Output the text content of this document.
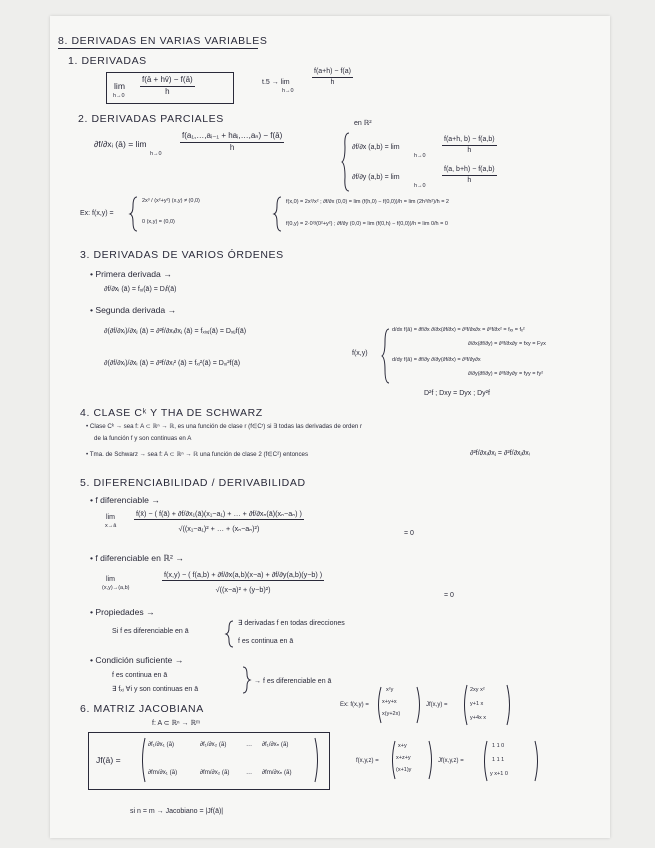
8. DERIVADAS EN VARIAS VARIABLES
1. DERIVADAS
lim
$h\to 0 \frac{f(ā + hv̄) - f(ā)}{h}$	t.5 → lim
h→0
$\frac{f(a+h) - f(a)}{h}$
2. DERIVADAS PARCIALES
∂f/∂xᵢ (ā) = lim
h→0
f(a₁,…,aᵢ₋₁ + haᵢ,…,aₙ) − f(ā)
h
en ℝ²
∂f/∂x (a,b) = lim
h→0
$\frac{f(a+h, b) - f(a,b)}{h}$
∂f/∂y (a,b) = lim
h→0
$\frac{f(a, b+h) - f(a,b)}{h}$
Ex: f(x,y) =
2x³ / (x²+y²) (x,y) ≠ (0,0)
0 (x,y) = (0,0)
f(x,0) = 2x³/x² ; ∂f/∂x (0,0) = lim (f(h,0) − f(0,0))/h = lim (2h³/h²)/h = 2
f(0,y) = 2·0³/(0²+y²) ; ∂f/∂y (0,0) = lim (f(0,h) − f(0,0))/h = lim 0/h = 0
3. DERIVADAS DE VARIOS ÓRDENES
• Primera derivada →
∂f/∂xᵢ (ā) = fₓᵢ(ā) = Dᵢf(ā)
• Segunda derivada →
∂(∂f/∂xᵢ)/∂xⱼ (ā) = ∂²f/∂xᵢ∂xⱼ (ā) = fₓᵢₓⱼ(ā) = Dₓᵢⱼf(ā)
∂(∂f/∂xᵢ)/∂xᵢ (ā) = ∂²f/∂xᵢ² (ā) = fₓᵢ²(ā) = Dₓᵢ²f(ā)
f(x,y)
d/dx f(ā) = ∂f/∂x ∂/∂x(∂f/∂x) = ∂²f/∂x∂x = ∂²f/∂x² = fₓₓ = fₓ²
∂/∂x(∂f/∂y) = ∂²f/∂x∂y = fxy = Fyx
d/dy f(ā) = ∂f/∂y ∂/∂y(∂f/∂x) = ∂²f/∂y∂x
∂/∂y(∂f/∂y) = ∂²f/∂y∂y = fyy = fy²
D²f ; Dxy = Dyx ; Dy²f
4. CLASE Cᵏ Y THA DE SCHWARZ
• Clase Cᵏ → sea f: A ⊂ ℝⁿ → ℝ, es una función de clase r (f∈Cʳ) si ∃ todas las derivadas de orden r
de la función f y son continuas en A
• Tma. de Schwarz → sea f: A ⊂ ℝⁿ → ℝ una función de clase 2 (f∈C²) entonces	∂²f/∂xᵢ∂xⱼ = ∂²f/∂xⱼ∂xᵢ
5. DIFERENCIABILIDAD / DERIVABILIDAD
• f diferenciable →
lim
x→ā $\frac{\text{f(x̄) − ( f(ā) + ∂f/∂x₁(ā)(x₁−a₁) + … + ∂f/∂xₙ(ā)(xₙ−aₙ) )}}{\text{√((x₁−a₁)² + … + (xₙ−aₙ)²)}}$
= 0
• f diferenciable en ℝ² →
lim
(x,y)→(a,b)	$\frac{f(x,y) - ( f(a,b) + \partial f/\partial x(a,b)(x-a) + \partial f/\partial y(a,b)(y-b) )}{\text{√((x−a)² + (y−b)²)}}$
= 0
• Propiedades →
Si f es diferenciable en ā
∃ derivadas f en todas direcciones
f es continua en ā
• Condición suficiente →
f es continua en ā
∃ fₓᵢ ∀i y son continuas en ā
→ f es diferenciable en ā
6. MATRIZ JACOBIANA
f: A ⊂ ℝⁿ → ℝᵐ
Jf(ā) =
∂f₁/∂x₁ (ā)	∂f₁/∂x₂ (ā)	… ∂f₁/∂xₙ (ā)
∂fm/∂x₁ (ā)	∂fm/∂x₂ (ā)	… ∂fm/∂xₙ (ā)
si n = m → Jacobiano = |Jf(ā)|
Ex: f(x,y) =
x²y
x+y+x
x(y+2x)
Jf(x,y) =
2xy x²
y+1 x
y+4x x
f(x,y,z) =
x+y
x+z+y
(x+1)y
Jf(x,y,z) =
1 1 0
1 1 1
y x+1 0
